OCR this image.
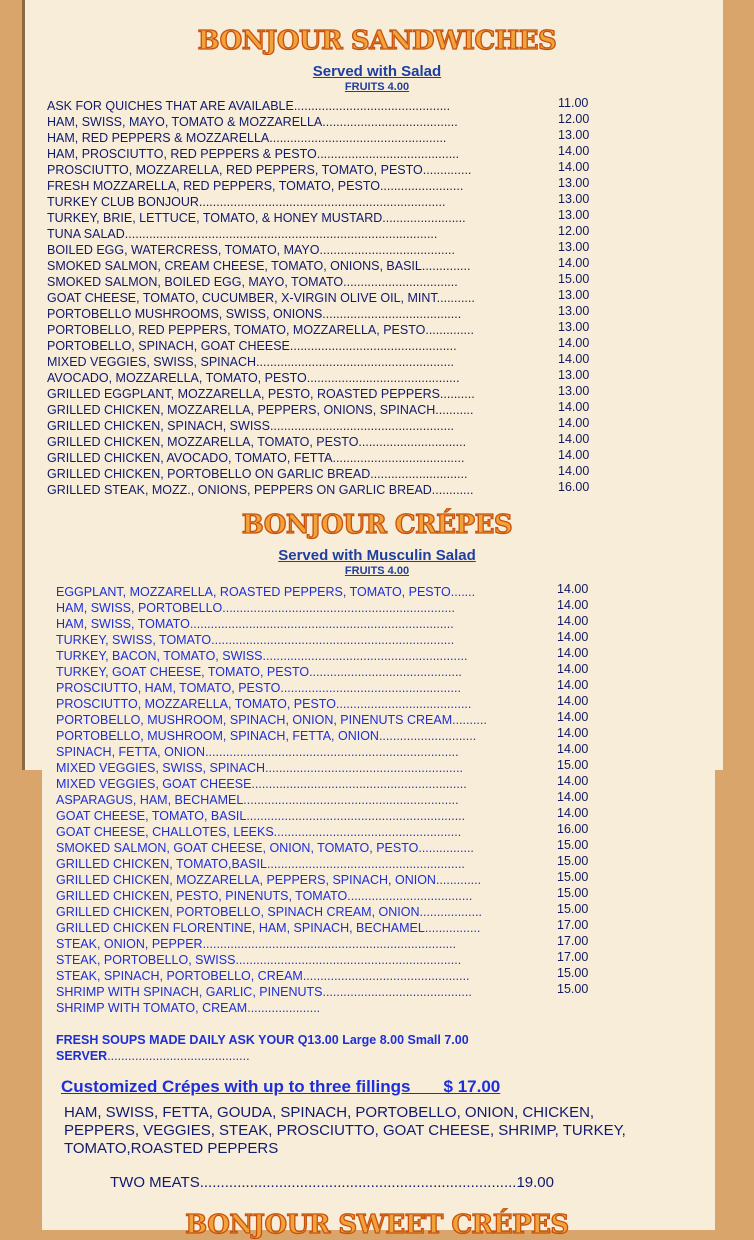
BONJOUR SANDWICHES
Served with Salad
FRUITS 4.00
ASK FOR QUICHES THAT ARE AVAILABLE.............................................	11.00
HAM, SWISS, MAYO, TOMATO & MOZZARELLA.......................................	12.00
HAM, RED PEPPERS & MOZZARELLA...................................................	13.00
HAM, PROSCIUTTO, RED PEPPERS & PESTO.........................................	14.00
PROSCIUTTO, MOZZARELLA, RED PEPPERS, TOMATO, PESTO..............	14.00
FRESH MOZZARELLA, RED PEPPERS, TOMATO, PESTO........................	13.00
TURKEY CLUB BONJOUR.......................................................................	13.00
TURKEY, BRIE, LETTUCE, TOMATO, & HONEY MUSTARD........................	13.00
TUNA SALAD..........................................................................................	12.00
BOILED EGG, WATERCRESS, TOMATO, MAYO.......................................	13.00
SMOKED SALMON, CREAM CHEESE, TOMATO, ONIONS, BASIL..............	14.00
SMOKED SALMON, BOILED EGG, MAYO, TOMATO.................................	15.00
GOAT CHEESE, TOMATO, CUCUMBER, X-VIRGIN OLIVE OIL, MINT...........	13.00
PORTOBELLO MUSHROOMS, SWISS, ONIONS........................................	13.00
PORTOBELLO, RED PEPPERS, TOMATO, MOZZARELLA, PESTO..............	13.00
PORTOBELLO, SPINACH, GOAT CHEESE................................................	14.00
MIXED VEGGIES, SWISS, SPINACH.........................................................	14.00
AVOCADO, MOZZARELLA, TOMATO, PESTO............................................	13.00
GRILLED EGGPLANT, MOZZARELLA, PESTO, ROASTED PEPPERS..........	13.00
GRILLED CHICKEN, MOZZARELLA, PEPPERS, ONIONS, SPINACH...........	14.00
GRILLED CHICKEN, SPINACH, SWISS.....................................................	14.00
GRILLED CHICKEN, MOZZARELLA, TOMATO, PESTO...............................	14.00
GRILLED CHICKEN, AVOCADO, TOMATO, FETTA......................................	14.00
GRILLED CHICKEN, PORTOBELLO ON GARLIC BREAD............................	14.00
GRILLED STEAK, MOZZ., ONIONS, PEPPERS ON GARLIC BREAD............	16.00
BONJOUR CRÉPES
Served with Musculin Salad
FRUITS 4.00
EGGPLANT, MOZZARELLA, ROASTED PEPPERS, TOMATO, PESTO.......	14.00
HAM, SWISS, PORTOBELLO...................................................................	14.00
HAM, SWISS, TOMATO............................................................................	14.00
TURKEY, SWISS, TOMATO......................................................................	14.00
TURKEY, BACON, TOMATO, SWISS...........................................................	14.00
TURKEY, GOAT CHEESE, TOMATO, PESTO............................................	14.00
PROSCIUTTO, HAM, TOMATO, PESTO....................................................	14.00
PROSCIUTTO, MOZZARELLA, TOMATO, PESTO.......................................	14.00
PORTOBELLO, MUSHROOM, SPINACH, ONION, PINENUTS CREAM..........	14.00
PORTOBELLO, MUSHROOM, SPINACH, FETTA, ONION............................	14.00
SPINACH, FETTA, ONION.........................................................................	14.00
MIXED VEGGIES, SWISS, SPINACH.........................................................	15.00
MIXED VEGGIES, GOAT CHEESE..............................................................	14.00
ASPARAGUS, HAM, BECHAMEL..............................................................	14.00
GOAT CHEESE, TOMATO, BASIL...............................................................	14.00
GOAT CHEESE, CHALLOTES, LEEKS......................................................	16.00
SMOKED SALMON, GOAT CHEESE, ONION, TOMATO, PESTO................	15.00
GRILLED CHICKEN, TOMATO,BASIL.........................................................	15.00
GRILLED CHICKEN, MOZZARELLA, PEPPERS, SPINACH, ONION.............	15.00
GRILLED CHICKEN, PESTO, PINENUTS, TOMATO....................................	15.00
GRILLED CHICKEN, PORTOBELLO, SPINACH CREAM, ONION..................	15.00
GRILLED CHICKEN FLORENTINE, HAM, SPINACH, BECHAMEL................	17.00
STEAK, ONION, PEPPER.........................................................................	17.00
STEAK, PORTOBELLO, SWISS.................................................................	17.00
STEAK, SPINACH, PORTOBELLO, CREAM................................................	15.00
SHRIMP WITH SPINACH, GARLIC, PINENUTS...........................................	15.00
SHRIMP WITH TOMATO, CREAM.....................
FRESH SOUPS MADE DAILY ASK YOUR Q13.00 Large 8.00 Small 7.00 SERVER.........................................
Customized Crépes with up to three fillings       $ 17.00
HAM, SWISS, FETTA, GOUDA, SPINACH, PORTOBELLO, ONION, CHICKEN, PEPPERS, VEGGIES, STEAK, PROSCIUTTO, GOAT CHEESE, SHRIMP, TURKEY, TOMATO,ROASTED PEPPERS
TWO MEATS............................................................................19.00
BONJOUR SWEET CRÉPES
